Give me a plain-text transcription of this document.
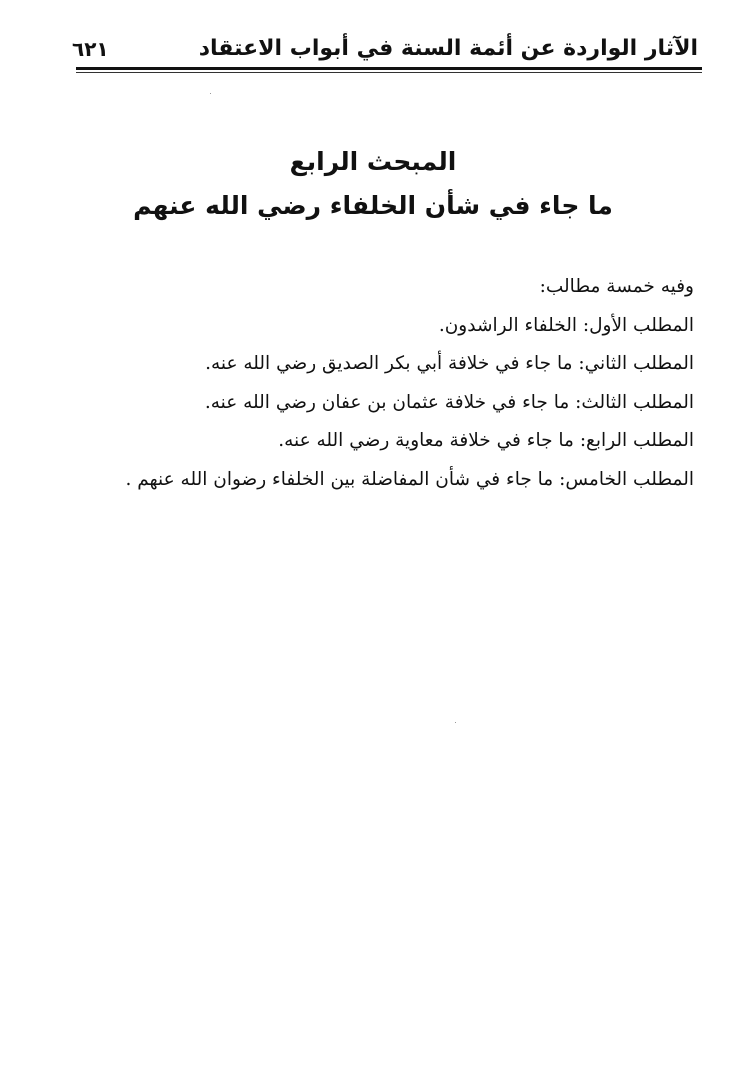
الآثار الواردة عن أئمة السنة في أبواب الاعتقاد
٦٢١
المبحث الرابع
ما جاء في شأن الخلفاء رضي الله عنهم
وفيه خمسة مطالب:
المطلب الأول: الخلفاء الراشدون.
المطلب الثاني: ما جاء في خلافة أبي بكر الصديق رضي الله عنه.
المطلب الثالث: ما جاء في خلافة عثمان بن عفان رضي الله عنه.
المطلب الرابع: ما جاء في خلافة معاوية رضي الله عنه.
المطلب الخامس: ما جاء في شأن المفاضلة بين الخلفاء رضوان الله عنهم .
